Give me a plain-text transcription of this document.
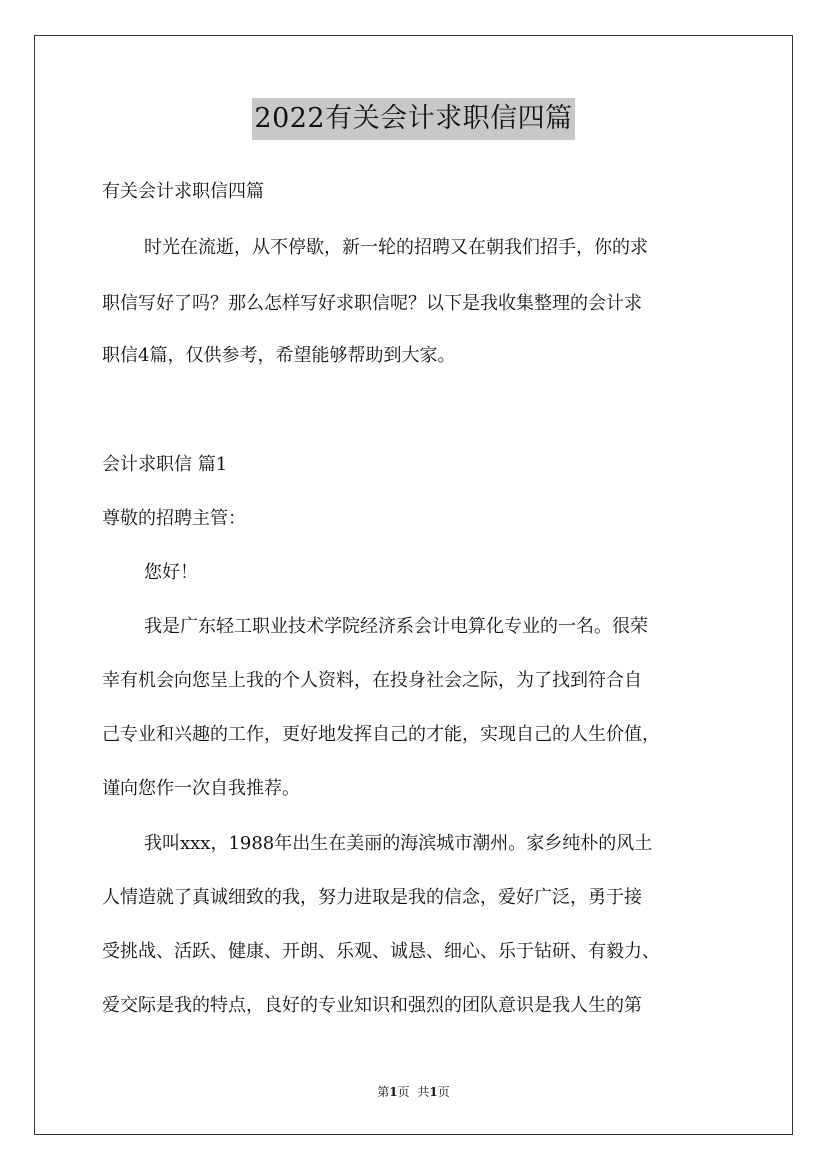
2022有关会计求职信四篇
有关会计求职信四篇
时光在流逝，从不停歇，新一轮的招聘又在朝我们招手，你的求
职信写好了吗？那么怎样写好求职信呢？以下是我收集整理的会计求
职信4篇，仅供参考，希望能够帮助到大家。
会计求职信 篇1
尊敬的招聘主管：
您好！
我是广东轻工职业技术学院经济系会计电算化专业的一名。很荣
幸有机会向您呈上我的个人资料，在投身社会之际，为了找到符合自
己专业和兴趣的工作，更好地发挥自己的才能，实现自己的人生价值，
谨向您作一次自我推荐。
我叫xxx，1988年出生在美丽的海滨城市潮州。家乡纯朴的风土
人情造就了真诚细致的我，努力进取是我的信念，爱好广泛，勇于接
受挑战、活跃、健康、开朗、乐观、诚恳、细心、乐于钻研、有毅力、
爱交际是我的特点，良好的专业知识和强烈的团队意识是我人生的第
第1页 共1页
